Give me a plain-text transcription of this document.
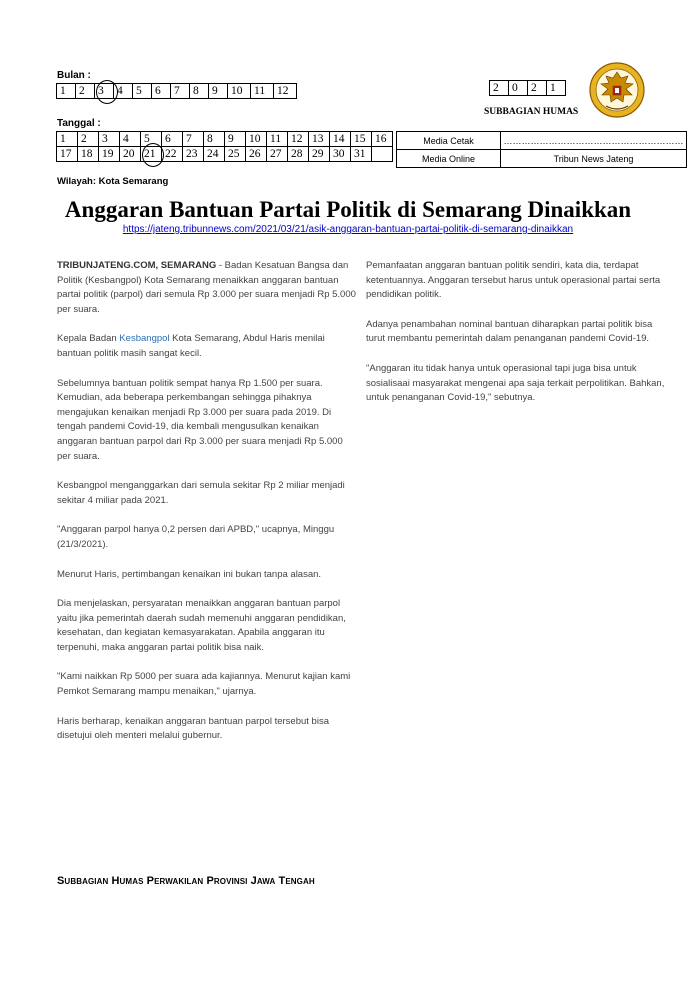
Bulan :
1	2	3	4	5	6	7	8	9	10	11	12
Tanggal :
1	2	3	4	5	6	7	8	9	10	11	12	13	14	15	16
17	18	19	20	21	22	23	24	25	26	27	28	29	30	31	
2	0	2	1
SUBBAGIAN HUMAS
Media Cetak	……………………………………………………
Media Online	Tribun News Jateng
Wilayah: Kota Semarang
Anggaran Bantuan Partai Politik di Semarang Dinaikkan
https://jateng.tribunnews.com/2021/03/21/asik-anggaran-bantuan-partai-politik-di-semarang-dinaikkan

TRIBUNJATENG.COM, SEMARANG - Badan Kesatuan Bangsa dan Politik (Kesbangpol) Kota Semarang menaikkan anggaran bantuan partai politik (parpol) dari semula Rp 3.000 per suara menjadi Rp 5.000 per suara.

Kepala Badan Kesbangpol Kota Semarang, Abdul Haris menilai bantuan politik masih sangat kecil.

Sebelumnya bantuan politik sempat hanya Rp 1.500 per suara. Kemudian, ada beberapa perkembangan sehingga pihaknya mengajukan kenaikan menjadi Rp 3.000 per suara pada 2019. Di tengah pandemi Covid-19, dia kembali mengusulkan kenaikan anggaran bantuan parpol dari Rp 3.000 per suara menjadi Rp 5.000 per suara.

Kesbangpol menganggarkan dari semula sekitar Rp 2 miliar menjadi sekitar 4 miliar pada 2021.

"Anggaran parpol hanya 0,2 persen dari APBD," ucapnya, Minggu (21/3/2021).

Menurut Haris, pertimbangan kenaikan ini bukan tanpa alasan.

Dia menjelaskan, persyaratan menaikkan anggaran bantuan parpol yaitu jika pemerintah daerah sudah memenuhi anggaran pendidikan, kesehatan, dan kegiatan kemasyarakatan. Apabila anggaran itu terpenuhi, maka anggaran partai politik bisa naik.

"Kami naikkan Rp 5000 per suara ada kajiannya. Menurut kajian kami Pemkot Semarang mampu menaikan," ujarnya.

Haris berharap, kenaikan anggaran bantuan parpol tersebut bisa disetujui oleh menteri melalui gubernur.

Pemanfaatan anggaran bantuan politik sendiri, kata dia, terdapat ketentuannya. Anggaran tersebut harus untuk operasional partai serta pendidikan politik.

Adanya penambahan nominal bantuan diharapkan partai politik bisa turut membantu pemerintah dalam penanganan pandemi Covid-19.

"Anggaran itu tidak hanya untuk operasional tapi juga bisa untuk sosialisaai masyarakat mengenai apa saja terkait perpolitikan. Bahkan, untuk penanganan Covid-19," sebutnya.

Subbagian Humas Perwakilan Provinsi Jawa Tengah
